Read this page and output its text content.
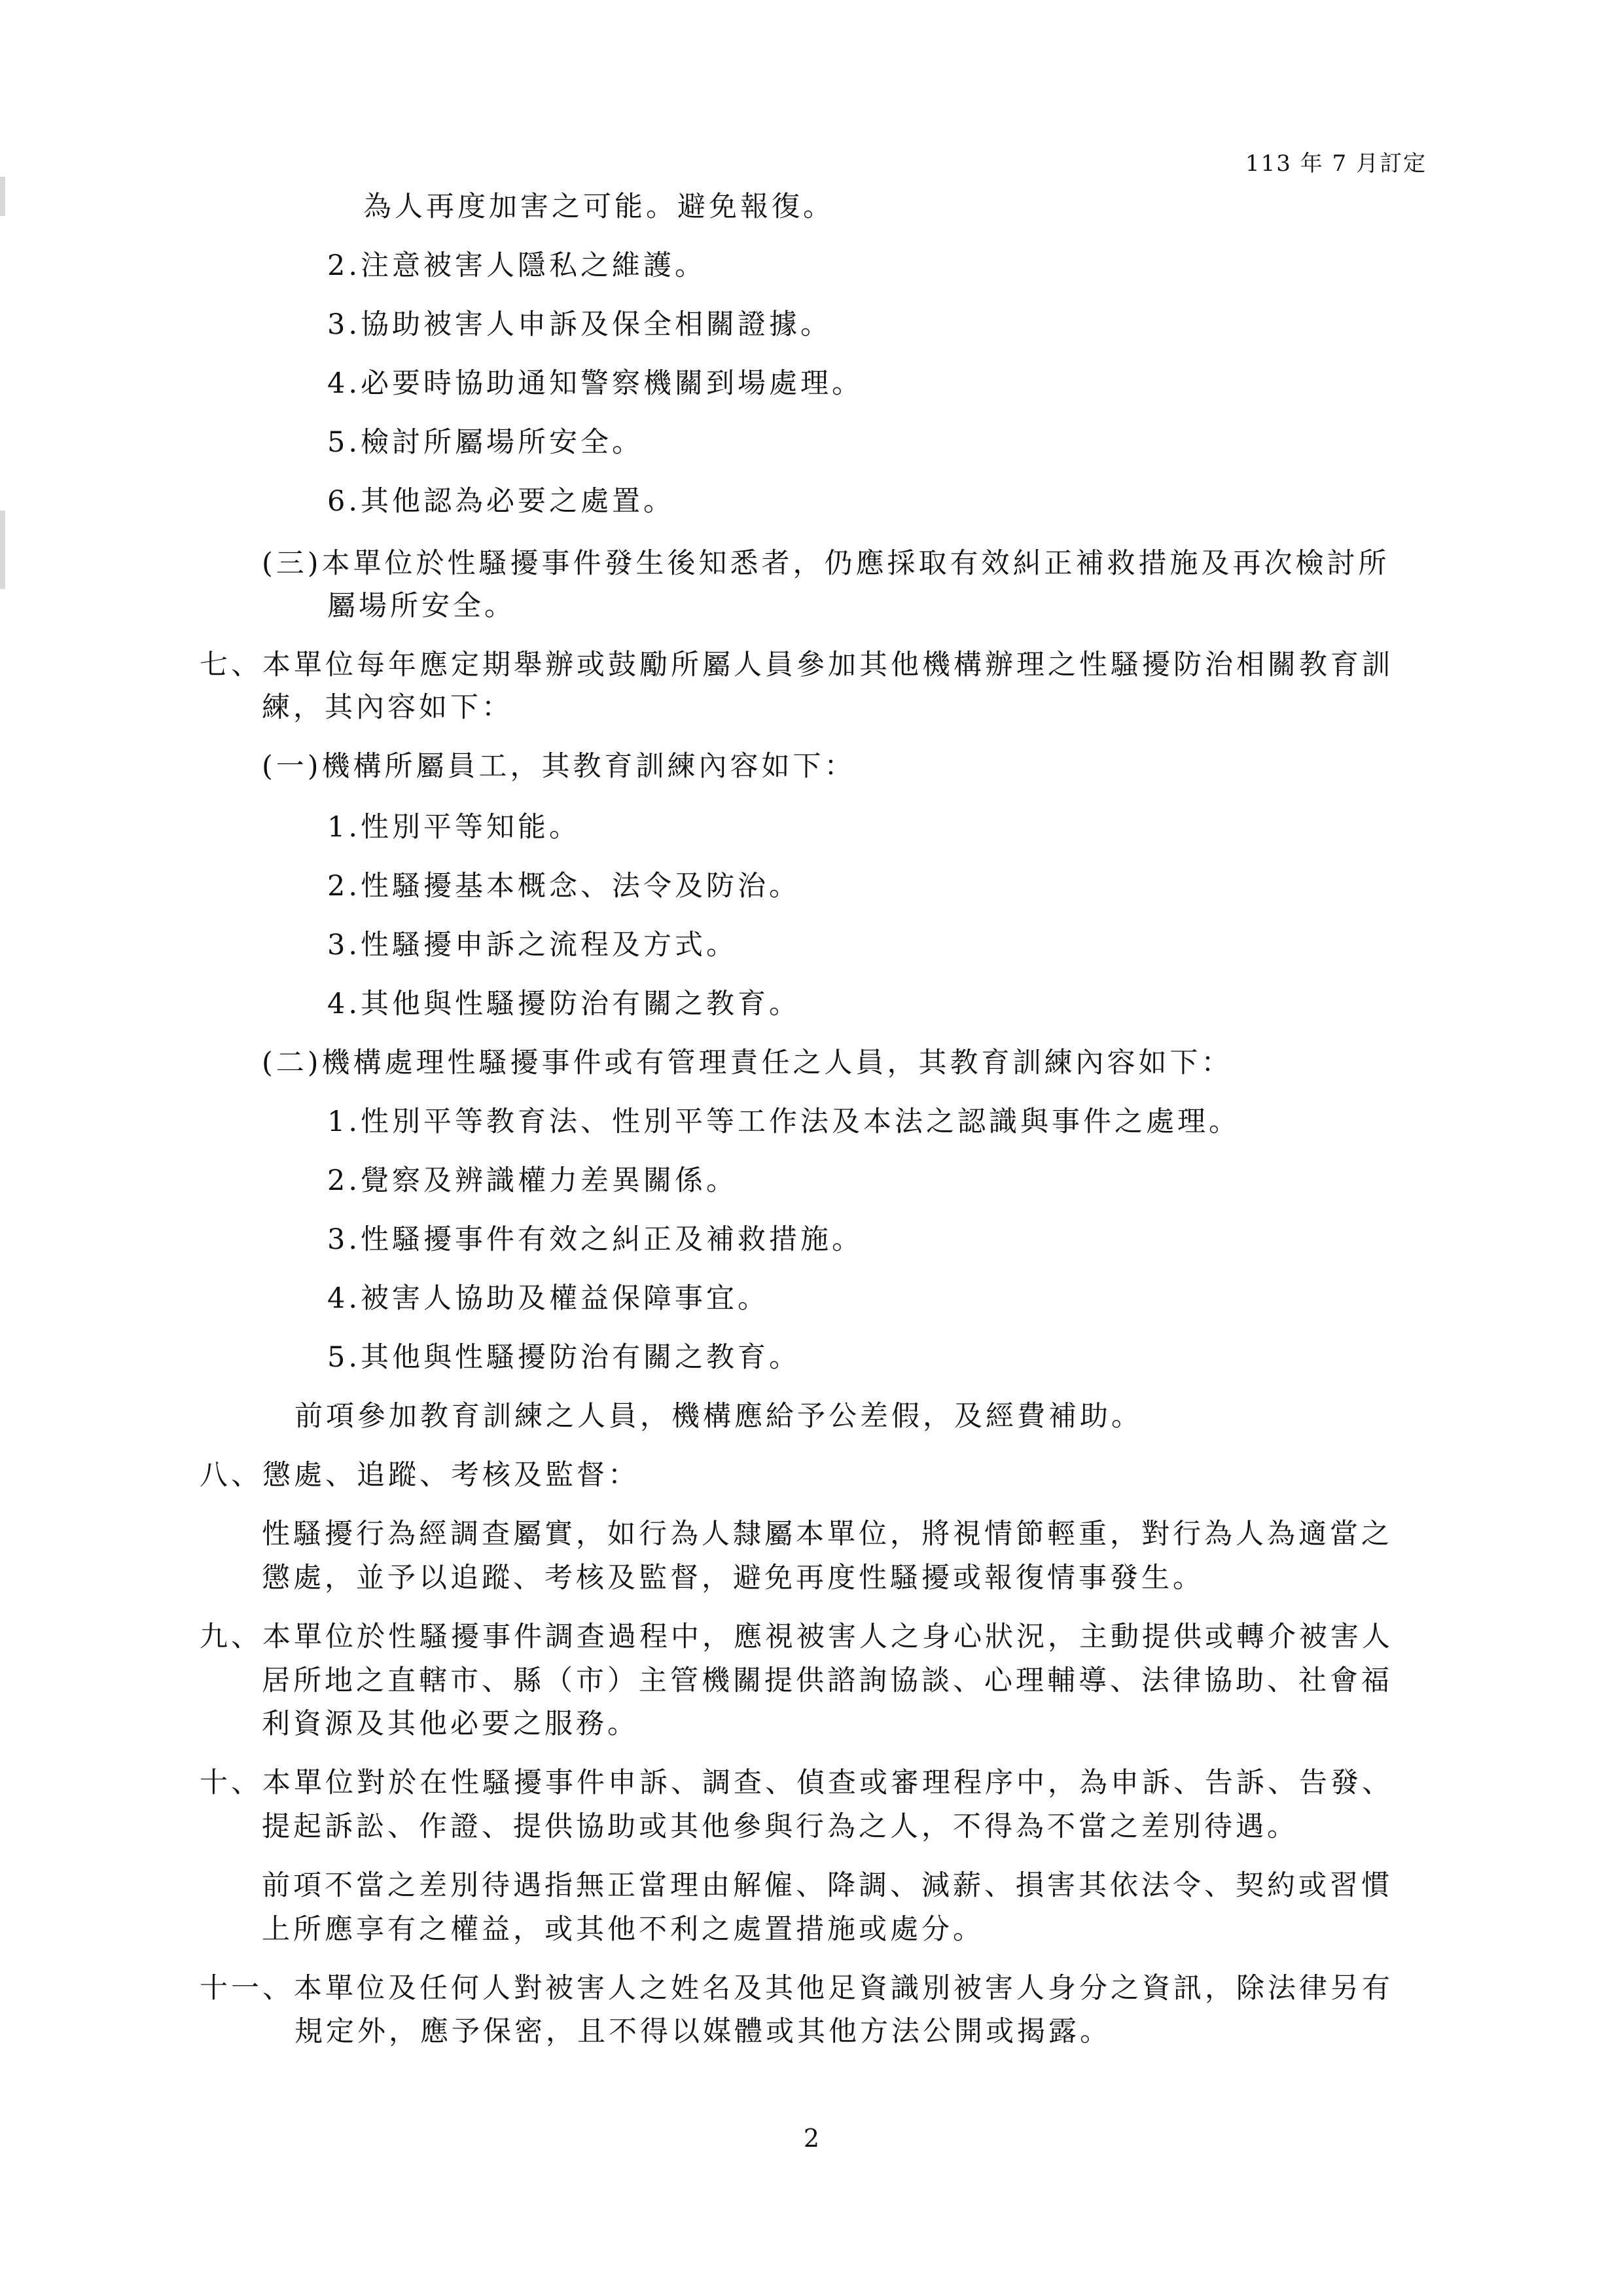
113 年 7 月訂定
為人再度加害之可能。避免報復。
2.注意被害人隱私之維護。
3.協助被害人申訴及保全相關證據。
4.必要時協助通知警察機關到場處理。
5.檢討所屬場所安全。
6.其他認為必要之處置。
(三)本單位於性騷擾事件發生後知悉者，仍應採取有效糾正補救措施及再次檢討所
屬場所安全。
七、本單位每年應定期舉辦或鼓勵所屬人員參加其他機構辦理之性騷擾防治相關教育訓
練，其內容如下：
(一)機構所屬員工，其教育訓練內容如下：
1.性別平等知能。
2.性騷擾基本概念、法令及防治。
3.性騷擾申訴之流程及方式。
4.其他與性騷擾防治有關之教育。
(二)機構處理性騷擾事件或有管理責任之人員，其教育訓練內容如下：
1.性別平等教育法、性別平等工作法及本法之認識與事件之處理。
2.覺察及辨識權力差異關係。
3.性騷擾事件有效之糾正及補救措施。
4.被害人協助及權益保障事宜。
5.其他與性騷擾防治有關之教育。
前項參加教育訓練之人員，機構應給予公差假，及經費補助。
八、懲處、追蹤、考核及監督：
性騷擾行為經調查屬實，如行為人隸屬本單位，將視情節輕重，對行為人為適當之
懲處，並予以追蹤、考核及監督，避免再度性騷擾或報復情事發生。
九、本單位於性騷擾事件調查過程中，應視被害人之身心狀況，主動提供或轉介被害人
居所地之直轄市、縣（市）主管機關提供諮詢協談、心理輔導、法律協助、社會福
利資源及其他必要之服務。
十、本單位對於在性騷擾事件申訴、調查、偵查或審理程序中，為申訴、告訴、告發、
提起訴訟、作證、提供協助或其他參與行為之人，不得為不當之差別待遇。
前項不當之差別待遇指無正當理由解僱、降調、減薪、損害其依法令、契約或習慣
上所應享有之權益，或其他不利之處置措施或處分。
十一、本單位及任何人對被害人之姓名及其他足資識別被害人身分之資訊，除法律另有
規定外，應予保密，且不得以媒體或其他方法公開或揭露。
2
